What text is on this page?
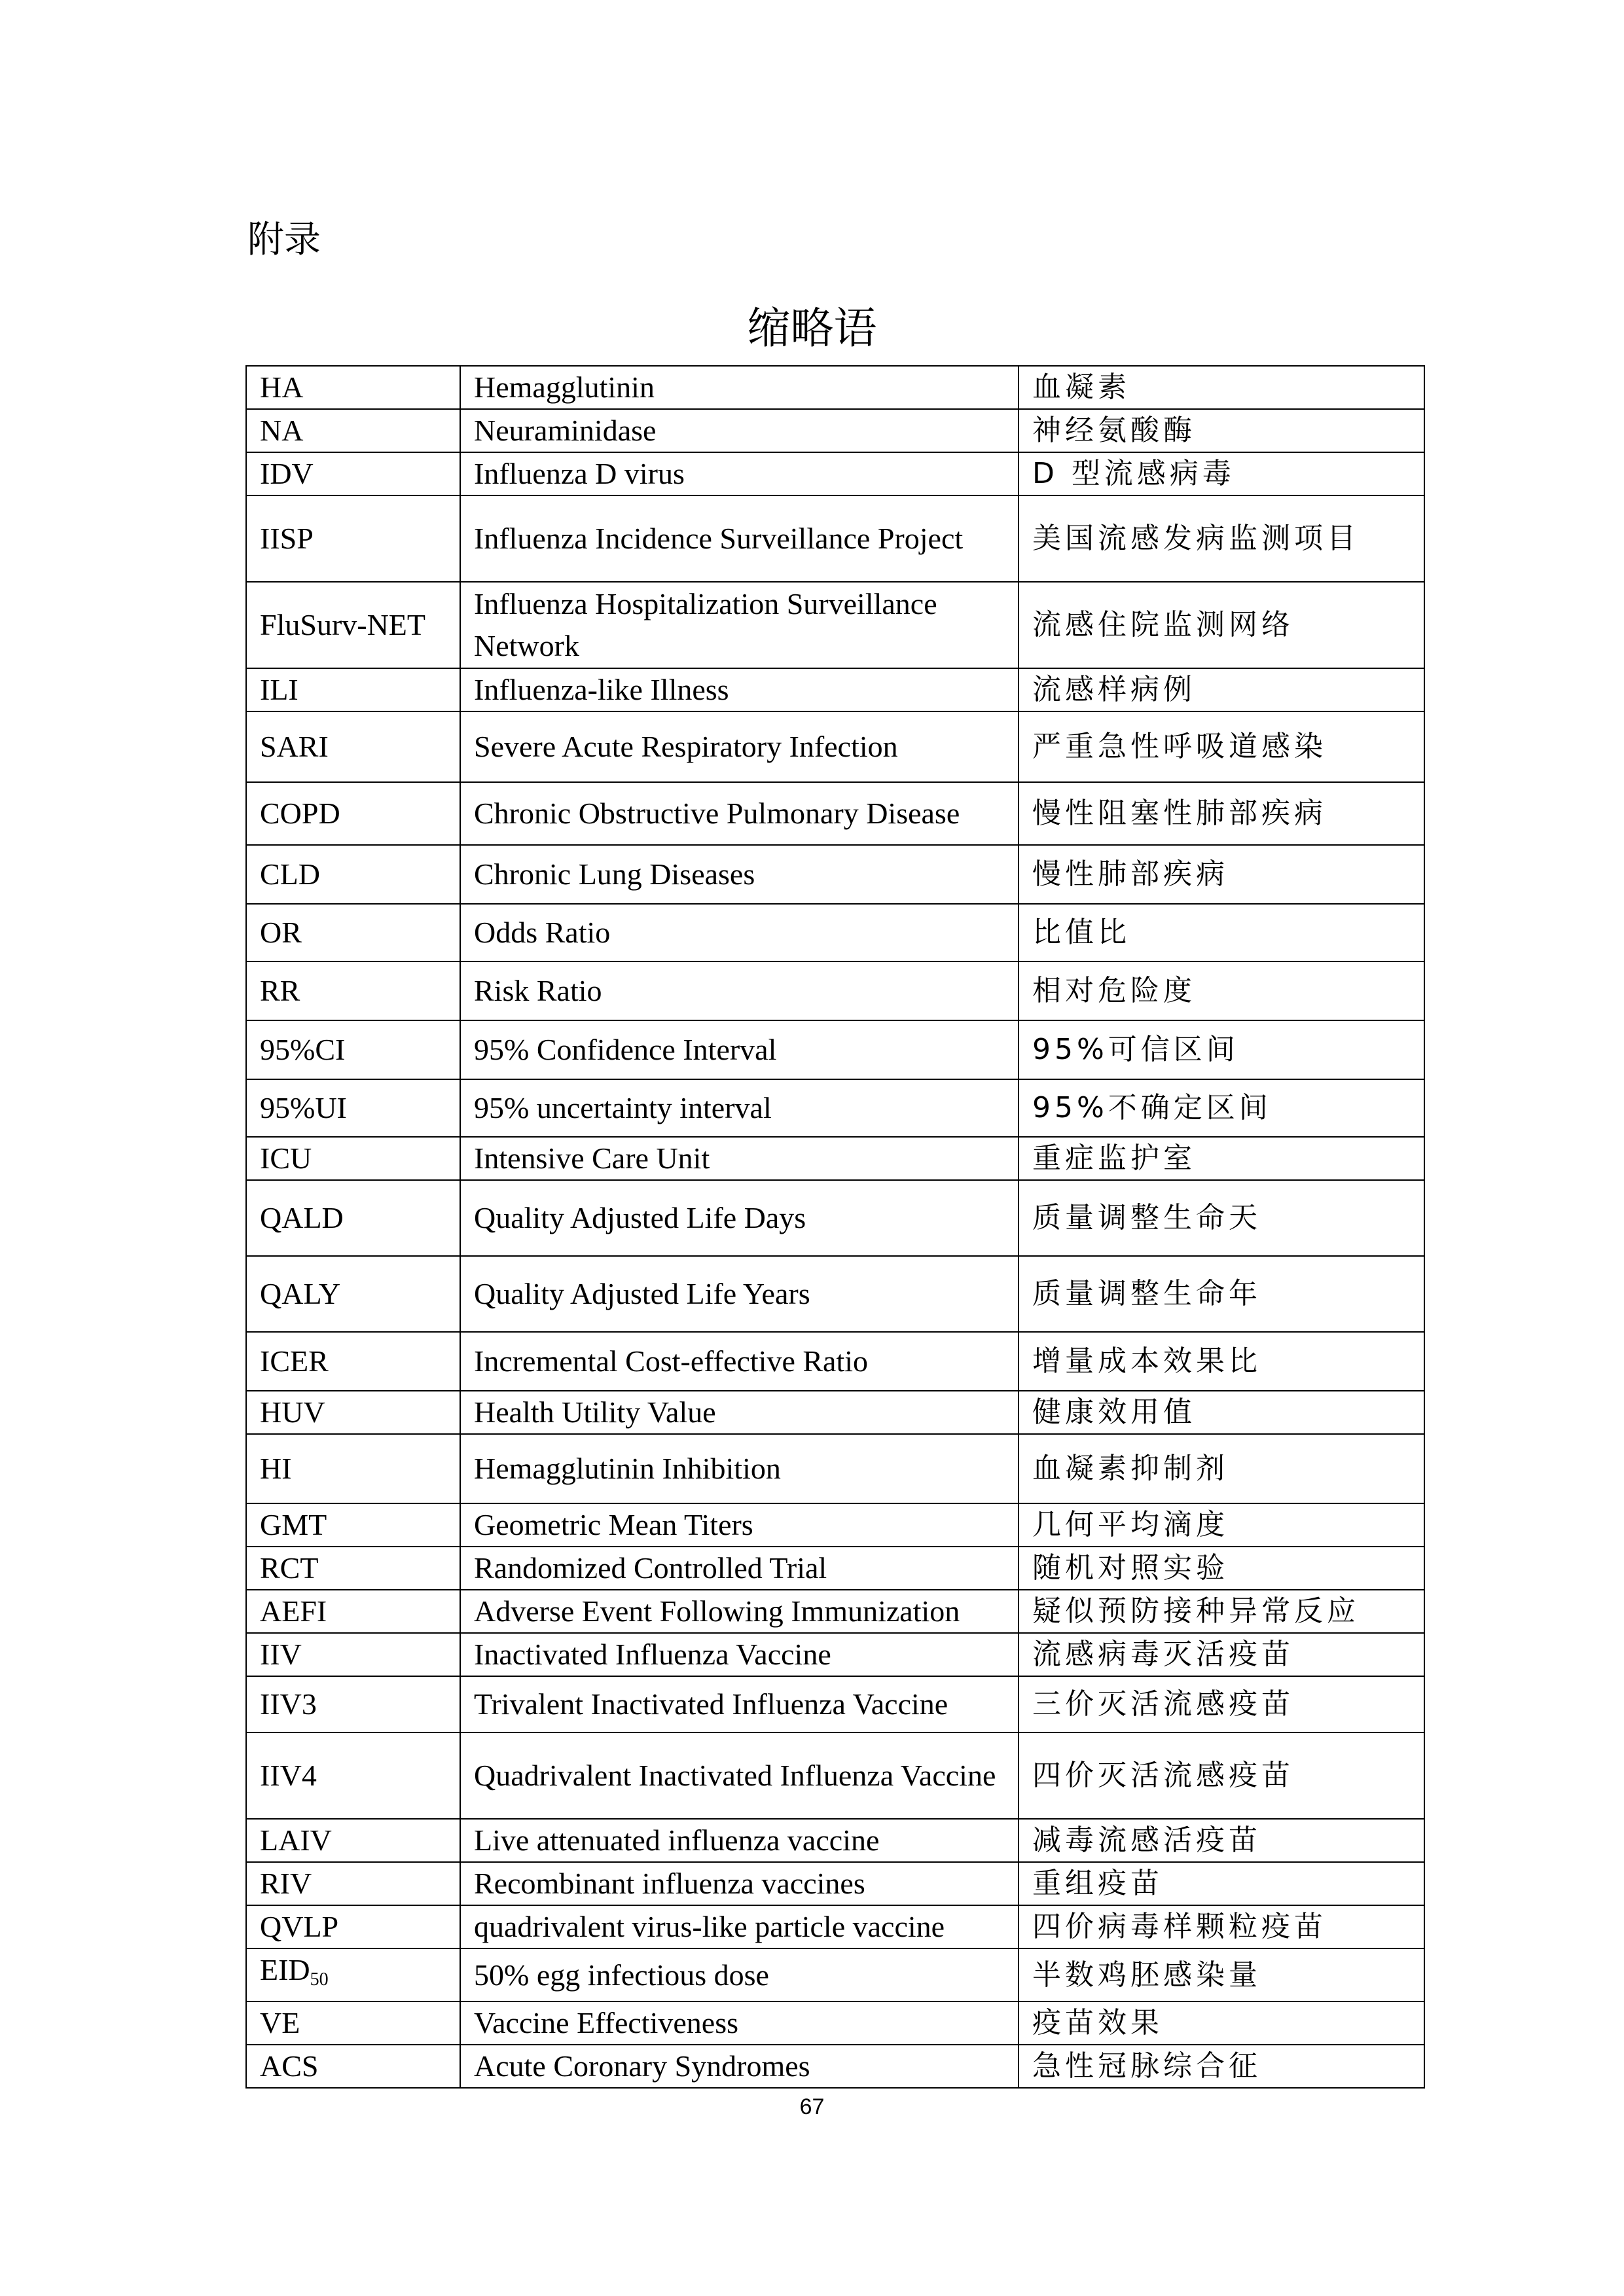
附录
缩略语
HA	Hemagglutinin	血凝素
NA	Neuraminidase	神经氨酸酶
IDV	Influenza D virus	D 型流感病毒
IISP	Influenza Incidence Surveillance Project	美国流感发病监测项目
FluSurv-NET	Influenza Hospitalization Surveillance Network	流感住院监测网络
ILI	Influenza-like Illness	流感样病例
SARI	Severe Acute Respiratory Infection	严重急性呼吸道感染
COPD	Chronic Obstructive Pulmonary Disease	慢性阻塞性肺部疾病
CLD	Chronic Lung Diseases	慢性肺部疾病
OR	Odds Ratio	比值比
RR	Risk Ratio	相对危险度
95%CI	95% Confidence Interval	95%可信区间
95%UI	95% uncertainty interval	95%不确定区间
ICU	Intensive Care Unit	重症监护室
QALD	Quality Adjusted Life Days	质量调整生命天
QALY	Quality Adjusted Life Years	质量调整生命年
ICER	Incremental Cost-effective Ratio	增量成本效果比
HUV	Health Utility Value	健康效用值
HI	Hemagglutinin Inhibition	血凝素抑制剂
GMT	Geometric Mean Titers	几何平均滴度
RCT	Randomized Controlled Trial	随机对照实验
AEFI	Adverse Event Following Immunization	疑似预防接种异常反应
IIV	Inactivated Influenza Vaccine	流感病毒灭活疫苗
IIV3	Trivalent Inactivated Influenza Vaccine	三价灭活流感疫苗
IIV4	Quadrivalent Inactivated Influenza Vaccine	四价灭活流感疫苗
LAIV	Live attenuated influenza vaccine	减毒流感活疫苗
RIV	Recombinant influenza vaccines	重组疫苗
QVLP	quadrivalent virus-like particle vaccine	四价病毒样颗粒疫苗
$EID_{50}$	50% egg infectious dose	半数鸡胚感染量
VE	Vaccine Effectiveness	疫苗效果
ACS	Acute Coronary Syndromes	急性冠脉综合征
67
